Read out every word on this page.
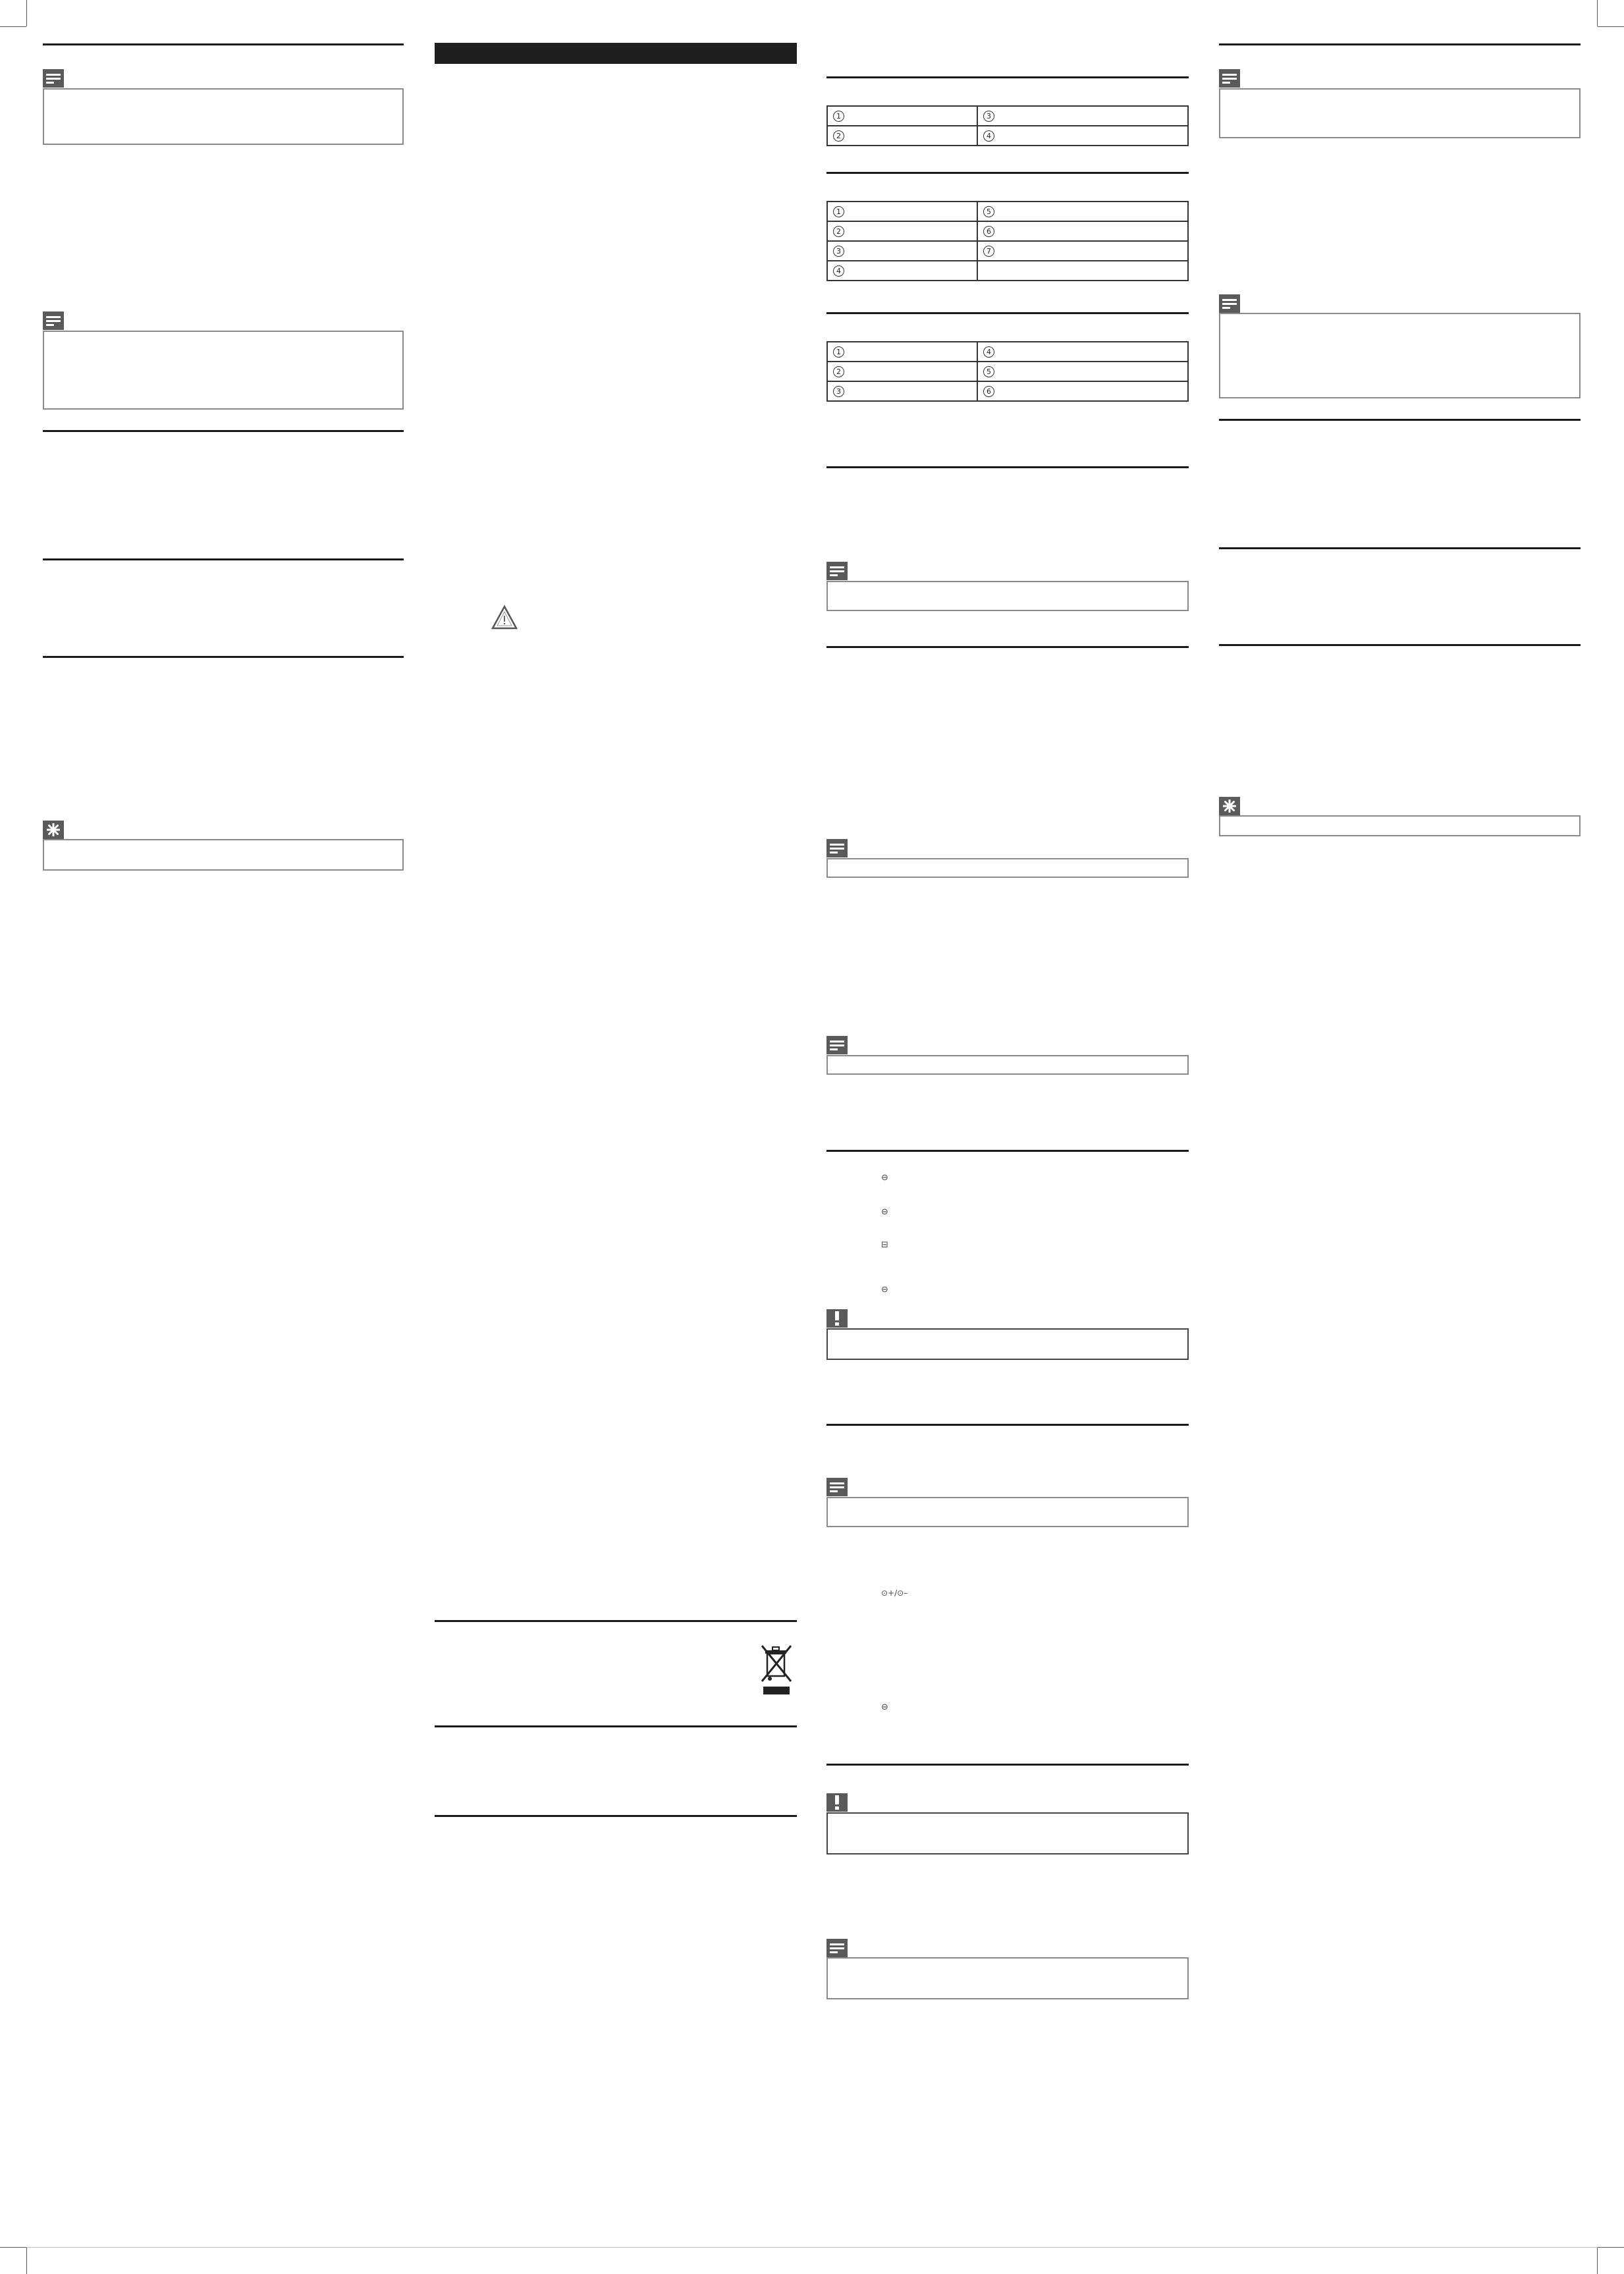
1	3
2	4
1	5
2	6
3	7
4	
1	4
2	5
3	6
⊖
⊖
⊟
⊖
⊙+/⊙–
⊖
